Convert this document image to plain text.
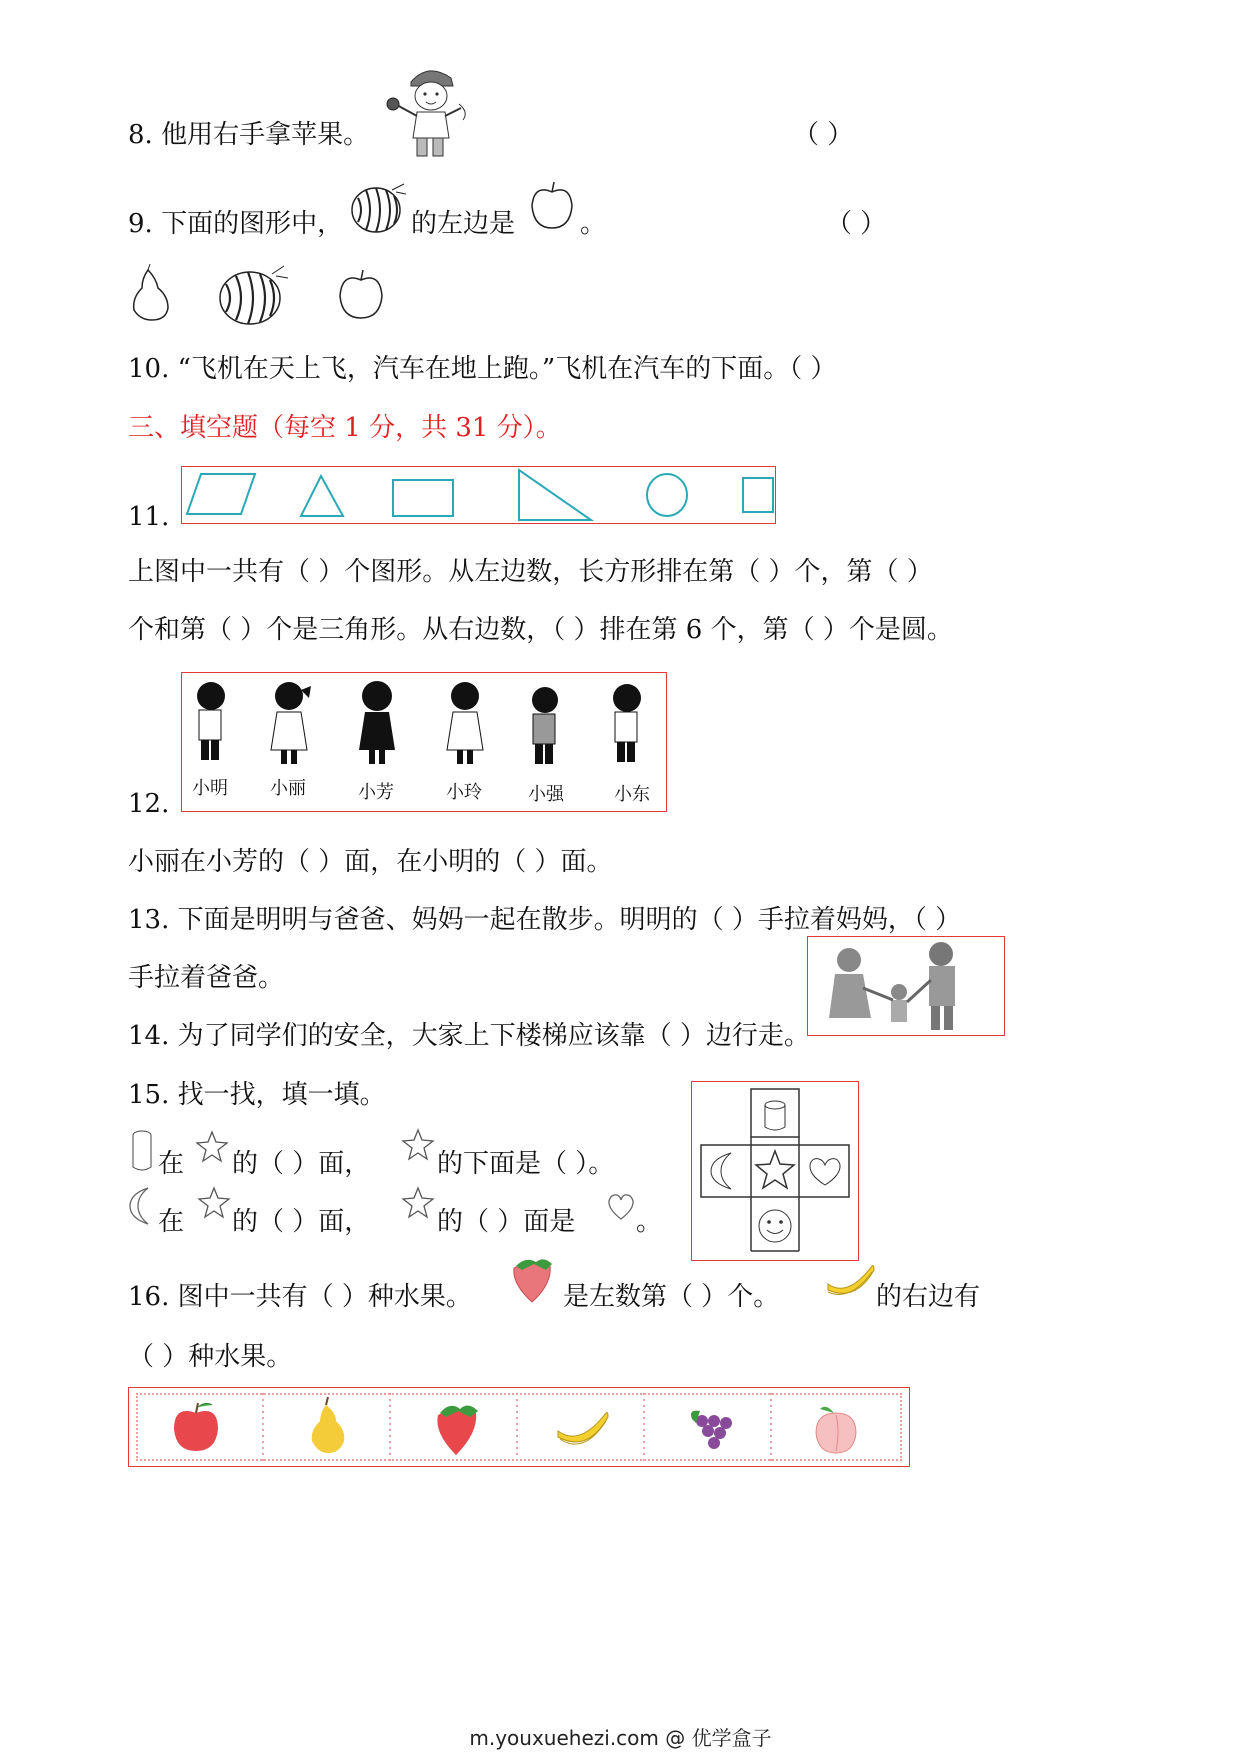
8. 他用右手拿苹果。	（ ）
9. 下面的图形中，	的左边是 。	（ ）
10. “飞机在天上飞，汽车在地上跑。”飞机在汽车的下面。（ ）
三、填空题（每空 1 分，共 31 分）。
11.
上图中一共有（ ）个图形。从左边数，长方形排在第（ ）个，第（ ）
个和第（ ）个是三角形。从右边数，（ ）排在第 6 个，第（ ）个是圆。
12.
小明 小丽	小芳	小玲	小强	小东
小丽在小芳的（ ）面，在小明的（ ）面。
13. 下面是明明与爸爸、妈妈一起在散步。明明的（ ）手拉着妈妈，（ ）
手拉着爸爸。
14. 为了同学们的安全，大家上下楼梯应该靠（ ）边行走。
15. 找一找，填一填。
在 的（ ）面，	的下面是（ ）。
在 的（ ）面，	的（ ）面是 。
16. 图中一共有（ ）种水果。	是左数第（ ）个。	的右边有
（ ）种水果。
m.youxuehezi.com @ 优学盒子
